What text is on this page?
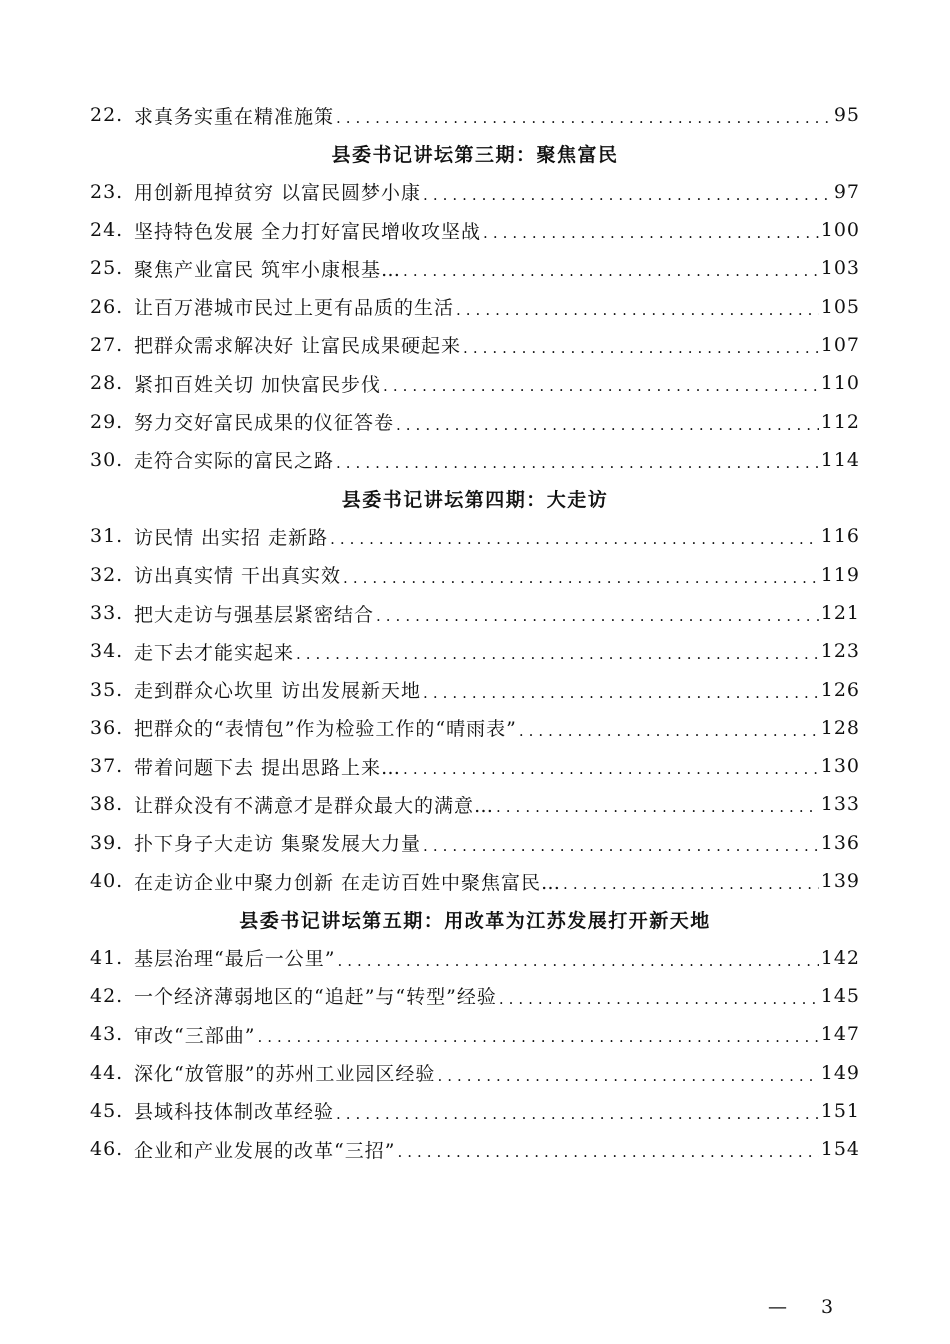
22. 求真务实重在精准施策 .....	95
县委书记讲坛第三期：聚焦富民
23. 用创新甩掉贫穷 以富民圆梦小康 .....	97
24. 坚持特色发展 全力打好富民增收攻坚战 .....	100
25. 聚焦产业富民 筑牢小康根基… .....	103
26. 让百万港城市民过上更有品质的生活 .....	105
27. 把群众需求解决好 让富民成果硬起来 .....	107
28. 紧扣百姓关切 加快富民步伐 .....	110
29. 努力交好富民成果的仪征答卷 .....	112
30. 走符合实际的富民之路 .....	114
县委书记讲坛第四期：大走访
31. 访民情 出实招 走新路 .....	116
32. 访出真实情 干出真实效 .....	119
33. 把大走访与强基层紧密结合 .....	121
34. 走下去才能实起来 .....	123
35. 走到群众心坎里 访出发展新天地 .....	126
36. 把群众的“表情包”作为检验工作的“晴雨表” .....	128
37. 带着问题下去 提出思路上来… .....	130
38. 让群众没有不满意才是群众最大的满意… .....	133
39. 扑下身子大走访 集聚发展大力量 .....	136
40. 在走访企业中聚力创新 在走访百姓中聚焦富民… .....	139
县委书记讲坛第五期：用改革为江苏发展打开新天地
41. 基层治理“最后一公里” .....	142
42. 一个经济薄弱地区的“追赶”与“转型”经验 .....	145
43. 审改“三部曲” .....	147
44. 深化“放管服”的苏州工业园区经验 .....	149
45. 县域科技体制改革经验 .....	151
46. 企业和产业发展的改革“三招” .....	154
— 3
